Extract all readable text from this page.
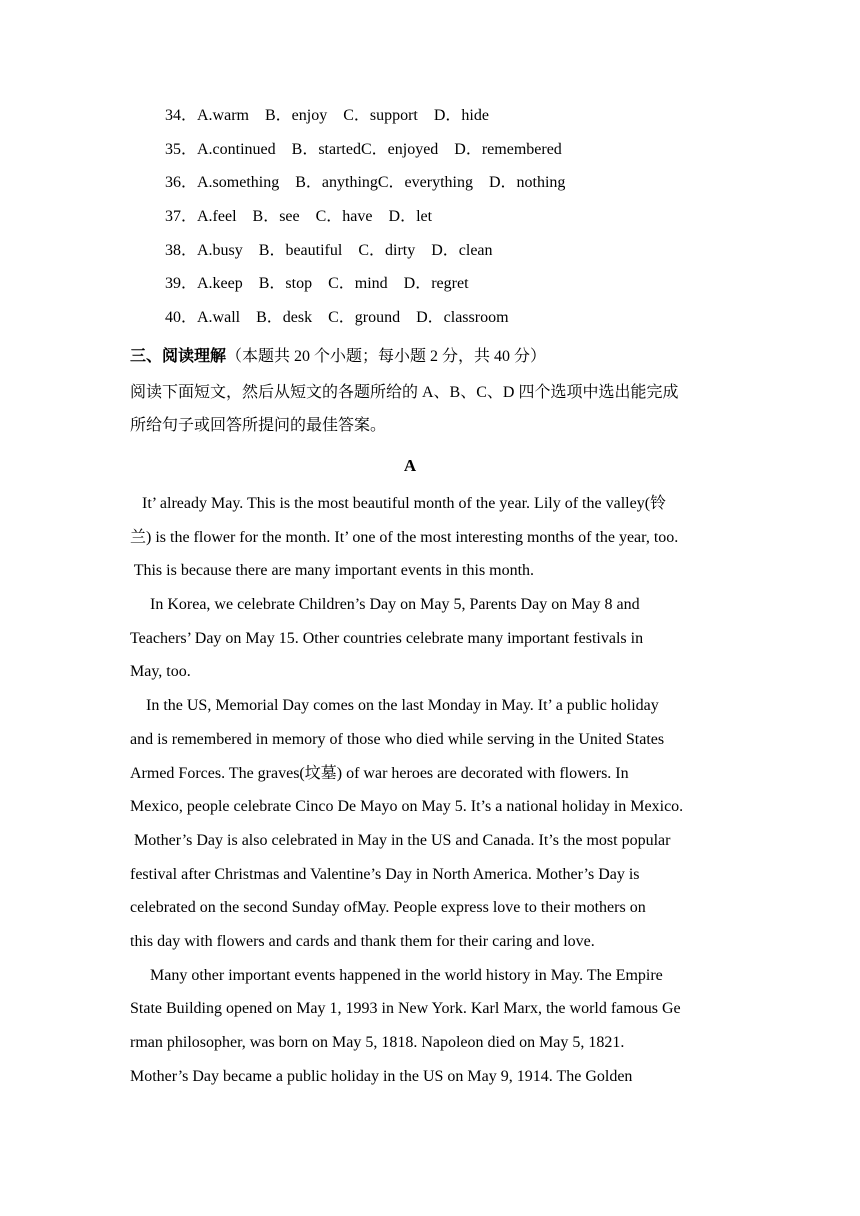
34．A.warm    B．enjoy    C．support    D．hide
35．A.continued    B．startedC．enjoyed    D．remembered
36．A.something    B．anythingC．everything    D．nothing
37．A.feel    B．see    C．have    D．let
38．A.busy    B．beautiful    C．dirty    D．clean
39．A.keep    B．stop    C．mind    D．regret
40．A.wall    B．desk    C．ground    D．classroom
三、阅读理解（本题共 20 个小题；每小题 2 分，共 40 分）
阅读下面短文，然后从短文的各题所给的 A、B、C、D 四个选项中选出能完成
所给句子或回答所提问的最佳答案。
A
It’ already May. This is the most beautiful month of the year. Lily of the valley(铃
兰) is the flower for the month. It’ one of the most interesting months of the year, too.
This is because there are many important events in this month.
In Korea, we celebrate Children’s Day on May 5, Parents Day on May 8 and
Teachers’ Day on May 15. Other countries celebrate many important festivals in
May, too.
In the US, Memorial Day comes on the last Monday in May. It’ a public holiday
and is remembered in memory of those who died while serving in the United States
Armed Forces. The graves(坟墓) of war heroes are decorated with flowers. In
Mexico, people celebrate Cinco De Mayo on May 5. It’s a national holiday in Mexico.
Mother’s Day is also celebrated in May in the US and Canada. It’s the most popular
festival after Christmas and Valentine’s Day in North America. Mother’s Day is
celebrated on the second Sunday ofMay. People express love to their mothers on
this day with flowers and cards and thank them for their caring and love.
Many other important events happened in the world history in May. The Empire
State Building opened on May 1, 1993 in New York. Karl Marx, the world famous Ge
rman philosopher, was born on May 5, 1818. Napoleon died on May 5, 1821.
Mother’s Day became a public holiday in the US on May 9, 1914. The Golden
